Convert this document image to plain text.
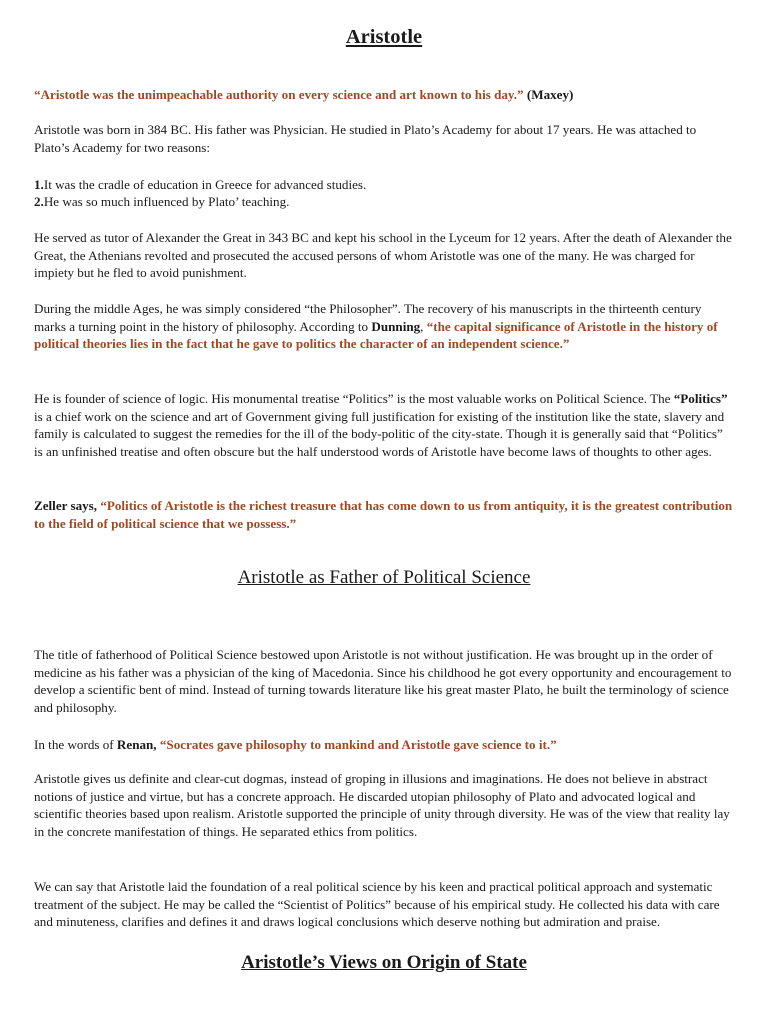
Aristotle

“Aristotle was the unimpeachable authority on every science and art known to his day.” (Maxey)

Aristotle was born in 384 BC. His father was Physician. He studied in Plato’s Academy for about 17 years. He was attached to Plato’s Academy for two reasons:

1.It was the cradle of education in Greece for advanced studies.

2.He was so much influenced by Plato’ teaching.

He served as tutor of Alexander the Great in 343 BC and kept his school in the Lyceum for 12 years. After the death of Alexander the Great, the Athenians revolted and prosecuted the accused persons of whom Aristotle was one of the many. He was charged for impiety but he fled to avoid punishment.

During the middle Ages, he was simply considered “the Philosopher”. The recovery of his manuscripts in the thirteenth century marks a turning point in the history of philosophy. According to Dunning, “the capital significance of Aristotle in the history of political theories lies in the fact that he gave to politics the character of an independent science.”

He is founder of science of logic. His monumental treatise “Politics” is the most valuable works on Political Science. The “Politics” is a chief work on the science and art of Government giving full justification for existing of the institution like the state, slavery and family is calculated to suggest the remedies for the ill of the body-politic of the city-state. Though it is generally said that “Politics” is an unfinished treatise and often obscure but the half understood words of Aristotle have become laws of thoughts to other ages.

Zeller says, “Politics of Aristotle is the richest treasure that has come down to us from antiquity, it is the greatest contribution to the field of political science that we possess.”

Aristotle as Father of Political Science

The title of fatherhood of Political Science bestowed upon Aristotle is not without justification. He was brought up in the order of medicine as his father was a physician of the king of Macedonia. Since his childhood he got every opportunity and encouragement to develop a scientific bent of mind. Instead of turning towards literature like his great master Plato, he built the terminology of science and philosophy.

In the words of Renan, “Socrates gave philosophy to mankind and Aristotle gave science to it.”

Aristotle gives us definite and clear-cut dogmas, instead of groping in illusions and imaginations. He does not believe in abstract notions of justice and virtue, but has a concrete approach. He discarded utopian philosophy of Plato and advocated logical and scientific theories based upon realism. Aristotle supported the principle of unity through diversity. He was of the view that reality lay in the concrete manifestation of things. He separated ethics from politics.

We can say that Aristotle laid the foundation of a real political science by his keen and practical political approach and systematic treatment of the subject. He may be called the “Scientist of Politics” because of his empirical study. He collected his data with care and minuteness, clarifies and defines it and draws logical conclusions which deserve nothing but admiration and praise.

Aristotle’s Views on Origin of State
